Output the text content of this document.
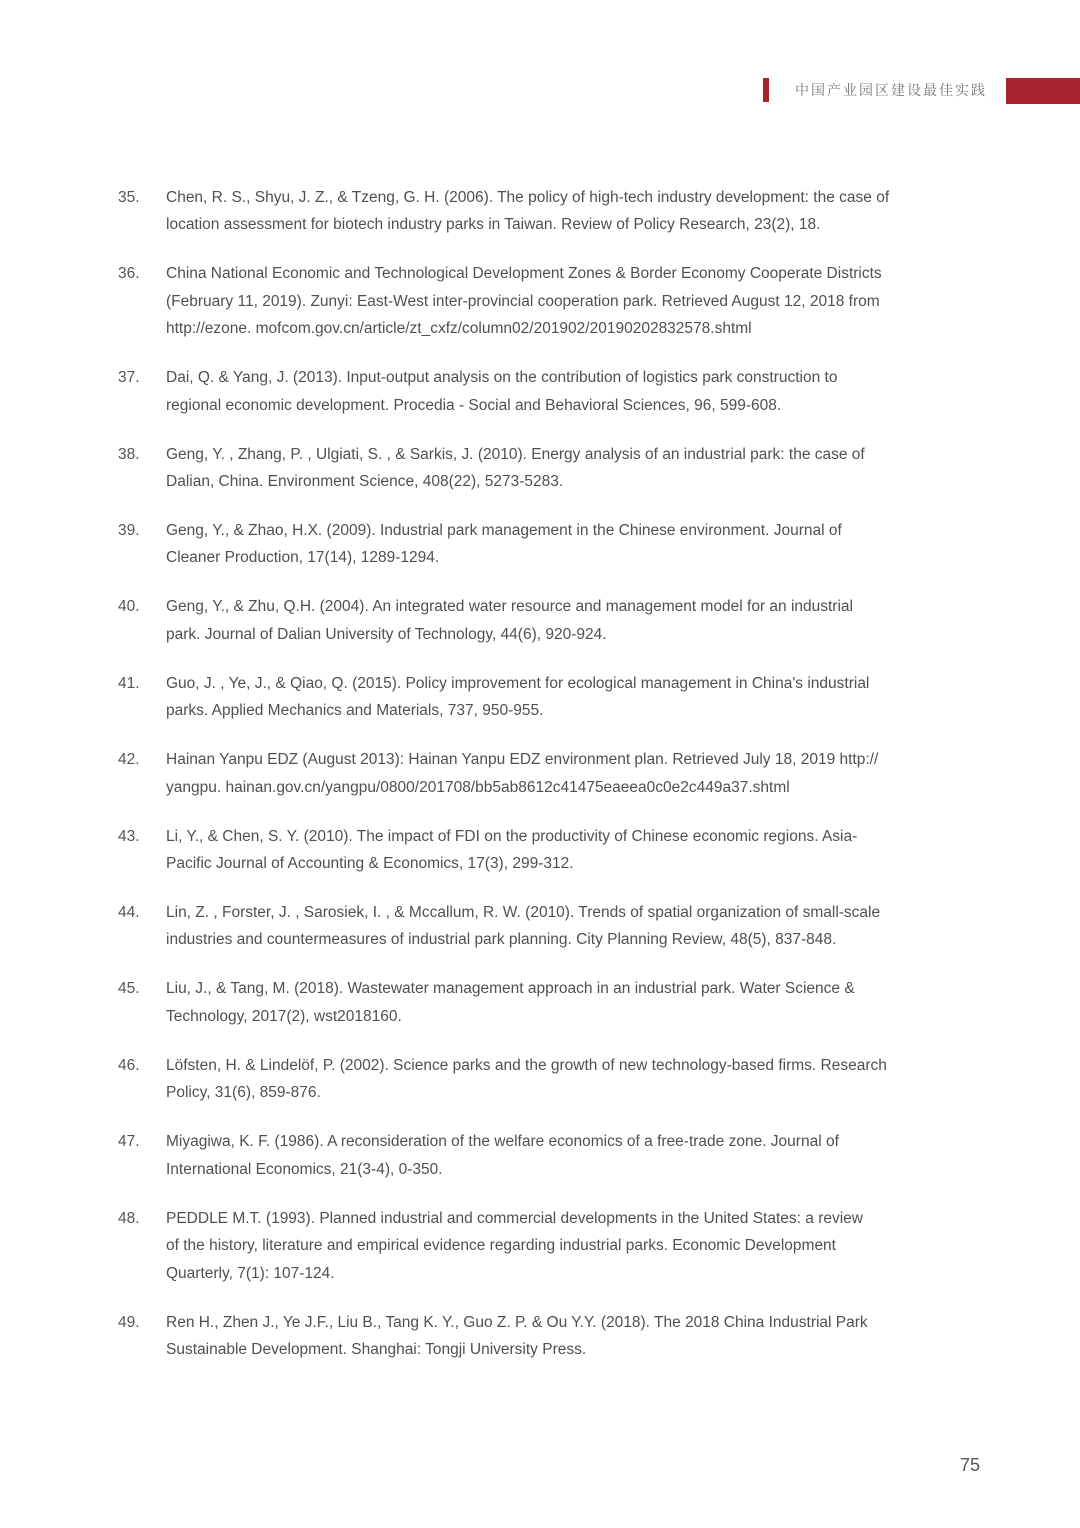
中国产业园区建设最佳实践
35.	Chen, R. S., Shyu, J. Z., & Tzeng, G. H. (2006). The policy of high-tech industry development: the case of
location assessment for biotech industry parks in Taiwan. Review of Policy Research, 23(2), 18.
36.	China National Economic and Technological Development Zones & Border Economy Cooperate Districts
(February 11, 2019). Zunyi: East-West inter-provincial cooperation park. Retrieved August 12, 2018 from
http://ezone. mofcom.gov.cn/article/zt_cxfz/column02/201902/20190202832578.shtml
37.	Dai, Q. & Yang, J. (2013). Input-output analysis on the contribution of logistics park construction to
regional economic development. Procedia - Social and Behavioral Sciences, 96, 599-608.
38.	Geng, Y. , Zhang, P. , Ulgiati, S. , & Sarkis, J. (2010). Energy analysis of an industrial park: the case of
Dalian, China. Environment Science, 408(22), 5273-5283.
39.	Geng, Y., & Zhao, H.X. (2009). Industrial park management in the Chinese environment. Journal of
Cleaner Production, 17(14), 1289-1294.
40.	Geng, Y., & Zhu, Q.H. (2004). An integrated water resource and management model for an industrial
park. Journal of Dalian University of Technology, 44(6), 920-924.
41.	Guo, J. , Ye, J., & Qiao, Q. (2015). Policy improvement for ecological management in China's industrial
parks. Applied Mechanics and Materials, 737, 950-955.
42.	Hainan Yanpu EDZ (August 2013): Hainan Yanpu EDZ environment plan. Retrieved July 18, 2019 http://
yangpu. hainan.gov.cn/yangpu/0800/201708/bb5ab8612c41475eaeea0c0e2c449a37.shtml
43.	Li, Y., & Chen, S. Y. (2010). The impact of FDI on the productivity of Chinese economic regions. Asia-
Pacific Journal of Accounting & Economics, 17(3), 299-312.
44.	Lin, Z. , Forster, J. , Sarosiek, I. , & Mccallum, R. W. (2010). Trends of spatial organization of small-scale
industries and countermeasures of industrial park planning. City Planning Review, 48(5), 837-848.
45.	Liu, J., & Tang, M. (2018). Wastewater management approach in an industrial park. Water Science &
Technology, 2017(2), wst2018160.
46.	Löfsten, H. & Lindelöf, P. (2002). Science parks and the growth of new technology-based firms. Research
Policy, 31(6), 859-876.
47.	Miyagiwa, K. F. (1986). A reconsideration of the welfare economics of a free-trade zone. Journal of
International Economics, 21(3-4), 0-350.
48.	PEDDLE M.T. (1993). Planned industrial and commercial developments in the United States: a review
of the history, literature and empirical evidence regarding industrial parks. Economic Development
Quarterly, 7(1): 107-124.
49.	Ren H., Zhen J., Ye J.F., Liu B., Tang K. Y., Guo Z. P. & Ou Y.Y. (2018). The 2018 China Industrial Park
Sustainable Development. Shanghai: Tongji University Press.
75
